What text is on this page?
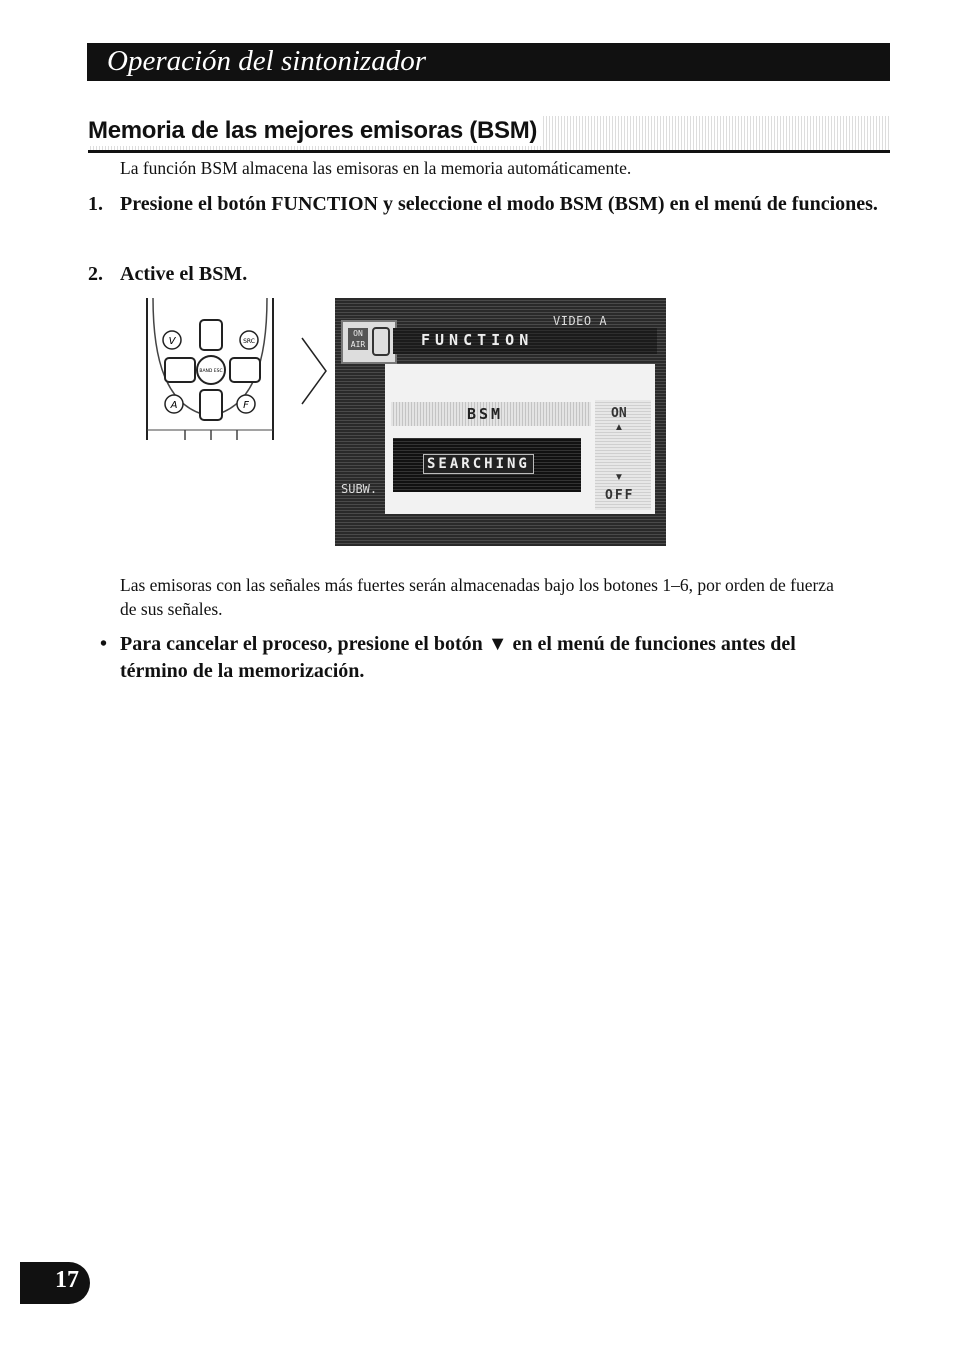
Operación del sintonizador
Memoria de las mejores emisoras (BSM)
La función BSM almacena las emisoras en la memoria automáticamente.
1. Presione el botón FUNCTION y seleccione el modo BSM (BSM) en el menú de funciones.
2. Active el BSM.
V	SRC
BAND ESC
A	F
ON AIR
VIDEO A
FUNCTION
BSM	ON
▲
▼
OFF
SEARCHING
SUBW.
Las emisoras con las señales más fuertes serán almacenadas bajo los botones 1–6, por orden de fuerza de sus señales.
• Para cancelar el proceso, presione el botón ▼ en el menú de funciones antes del término de la memorización.
17
